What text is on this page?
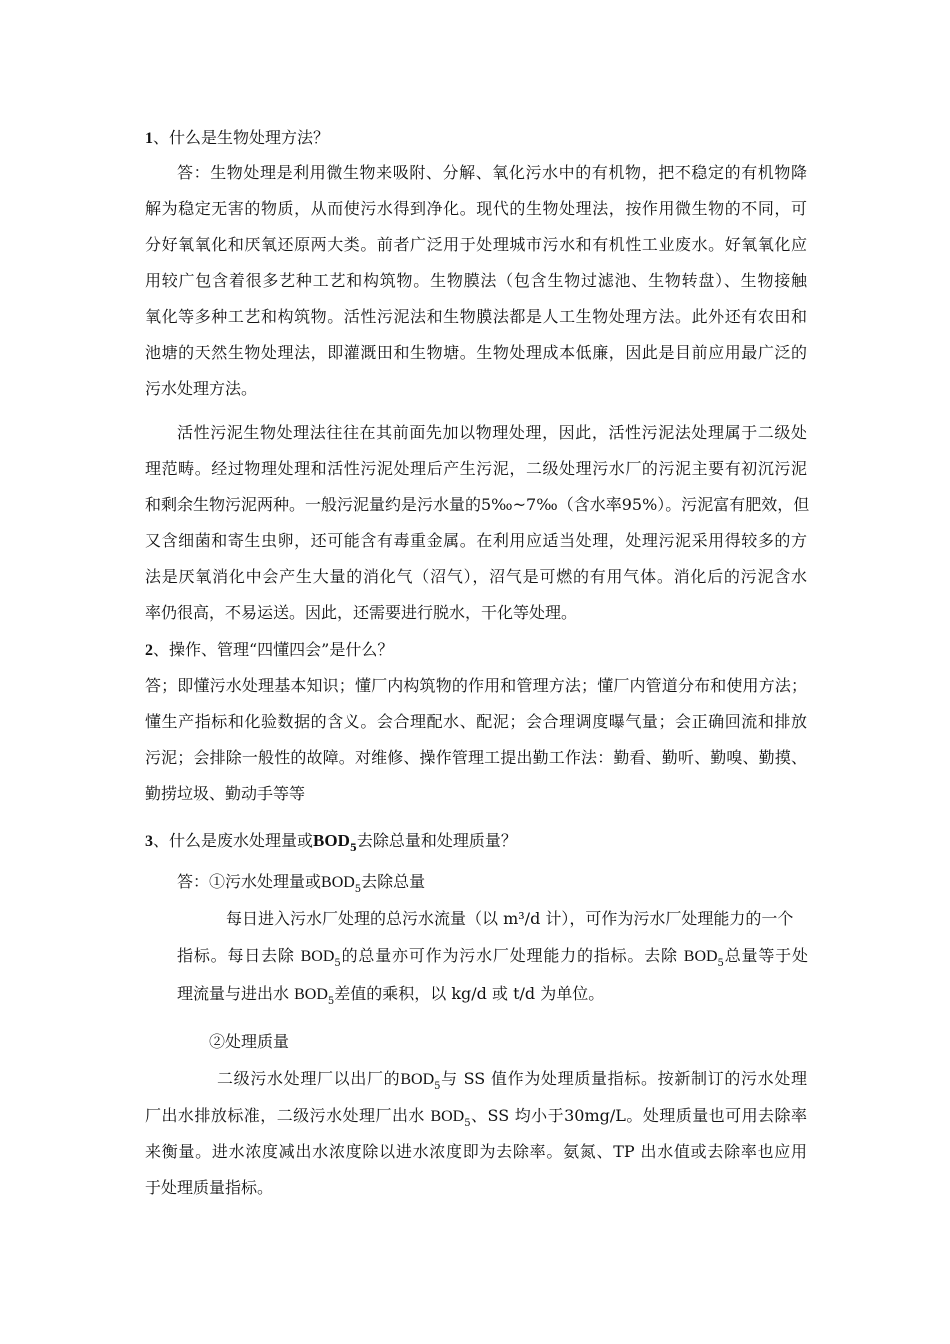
1、什么是生物处理方法？
答：生物处理是利用微生物来吸附、分解、氧化污水中的有机物，把不稳定的有机物降
解为稳定无害的物质，从而使污水得到净化。现代的生物处理法，按作用微生物的不同，可
分好氧氧化和厌氧还原两大类。前者广泛用于处理城市污水和有机性工业废水。好氧氧化应
用较广包含着很多艺种工艺和构筑物。生物膜法（包含生物过滤池、生物转盘）、生物接触
氧化等多种工艺和构筑物。活性污泥法和生物膜法都是人工生物处理方法。此外还有农田和
池塘的天然生物处理法，即灌溉田和生物塘。生物处理成本低廉，因此是目前应用最广泛的
污水处理方法。
活性污泥生物处理法往往在其前面先加以物理处理，因此，活性污泥法处理属于二级处
理范畴。经过物理处理和活性污泥处理后产生污泥，二级处理污水厂的污泥主要有初沉污泥
和剩余生物污泥两种。一般污泥量约是污水量的5‰~7‰（含水率95%）。污泥富有肥效，但
又含细菌和寄生虫卵，还可能含有毒重金属。在利用应适当处理，处理污泥采用得较多的方
法是厌氧消化中会产生大量的消化气（沼气），沼气是可燃的有用气体。消化后的污泥含水
率仍很高，不易运送。因此，还需要进行脱水，干化等处理。
2、操作、管理“四懂四会”是什么？
答；即懂污水处理基本知识；懂厂内构筑物的作用和管理方法；懂厂内管道分布和使用方法；
懂生产指标和化验数据的含义。会合理配水、配泥；会合理调度曝气量；会正确回流和排放
污泥；会排除一般性的故障。对维修、操作管理工提出勤工作法：勤看、勤听、勤嗅、勤摸、
勤捞垃圾、勤动手等等
3、什么是废水处理量或$BOD_5$去除总量和处理质量？
答：①污水处理量或$BOD_5$去除总量
每日进入污水厂处理的总污水流量（以 m³/d 计），可作为污水厂处理能力的一个
指标。每日去除 $BOD_5$的总量亦可作为污水厂处理能力的指标。去除 $BOD_5$总量等于处
理流量与进出水 $BOD_5$差值的乘积，以 kg/d 或 t/d 为单位。
②处理质量
二级污水处理厂以出厂的$BOD_5$与 SS 值作为处理质量指标。按新制订的污水处理
厂出水排放标准，二级污水处理厂出水 $BOD_5$、SS 均小于30mg/L。处理质量也可用去除率
来衡量。进水浓度减出水浓度除以进水浓度即为去除率。氨氮、TP 出水值或去除率也应用
于处理质量指标。
